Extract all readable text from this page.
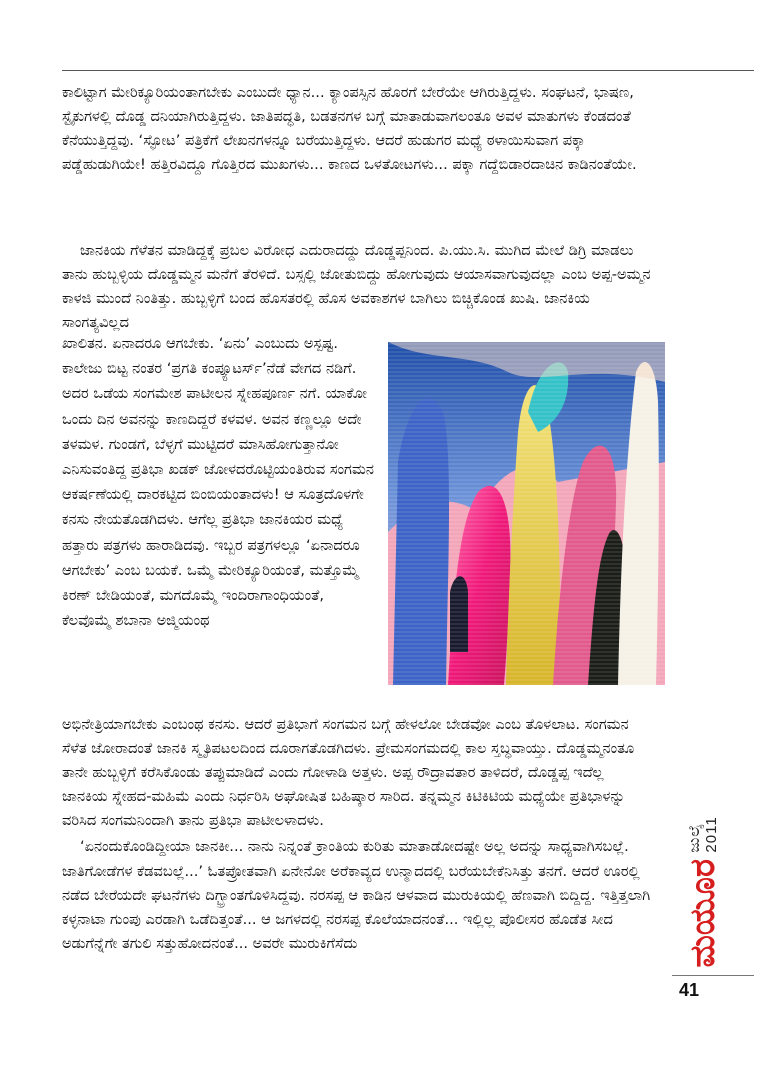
ಕಾಲಿಟ್ಟಾಗ ಮೇರಿಕ್ಯೂರಿಯಂತಾಗಬೇಕು ಎಂಬುದೇ ಧ್ಯಾನ... ಕ್ಯಾಂಪಸ್ಸಿನ ಹೊರಗೆ ಬೇರೆಯೇ ಆಗಿರುತ್ತಿದ್ದಳು. ಸಂಘಟನೆ, ಭಾಷಣ, ಸ್ಟೈಕುಗಳಲ್ಲಿ ದೊಡ್ಡ ದನಿಯಾಗಿರುತ್ತಿದ್ದಳು. ಜಾತಿಪದ್ಧತಿ, ಬಡತನಗಳ ಬಗ್ಗೆ ಮಾತಾಡುವಾಗಲಂತೂ ಅವಳ ಮಾತುಗಳು ಕೆಂಡದಂತೆ ಕೆನೆಯುತ್ತಿದ್ದವು. ‘ಸ್ಫೋಟ’ ಪತ್ರಿಕೆಗೆ ಲೇಖನಗಳನ್ನೂ ಬರೆಯುತ್ತಿದ್ದಳು. ಆದರೆ ಹುಡುಗರ ಮಧ್ಯೆ ಠಳಾಯಿಸುವಾಗ ಪಕ್ಕಾ ಪಡ್ಡೆಹುಡುಗಿಯೇ! ಹತ್ತಿರವಿದ್ದೂ ಗೊತ್ತಿರದ ಮುಖಗಳು... ಕಾಣದ ಒಳತೋಟಗಳು... ಪಕ್ಕಾ ಗದ್ದೆಬಿಡಾರದಾಚಿನ ಕಾಡಿನಂತೆಯೇ.

ಜಾನಕಿಯ ಗೆಳೆತನ ಮಾಡಿದ್ದಕ್ಕೆ ಪ್ರಬಲ ವಿರೋಧ ಎದುರಾದದ್ದು ದೊಡ್ಡಪ್ಪನಿಂದ. ಪಿ.ಯು.ಸಿ. ಮುಗಿದ ಮೇಲೆ ಡಿಗ್ರಿ ಮಾಡಲು ತಾನು ಹುಬ್ಬಳ್ಳಿಯ ದೊಡ್ಡಮ್ಮನ ಮನೆಗೆ ತೆರಳಿದೆ. ಬಸ್ಸಲ್ಲಿ ಜೋತುಬಿದ್ದು ಹೋಗುವುದು ಆಯಾಸವಾಗುವುದಲ್ಲಾ ಎಂಬ ಅಪ್ಪ-ಅಮ್ಮನ ಕಾಳಜಿ ಮುಂದೆ ನಿಂತಿತ್ತು. ಹುಬ್ಬಳ್ಳಿಗೆ ಬಂದ ಹೊಸತರಲ್ಲಿ ಹೊಸ ಅವಕಾಶಗಳ ಬಾಗಿಲು ಬಿಚ್ಚಿಕೊಂಡ ಖುಷಿ. ಜಾನಕಿಯ ಸಾಂಗತ್ಯವಿಲ್ಲದ

ಖಾಲಿತನ. ಏನಾದರೂ ಆಗಬೇಕು. ‘ಏನು’ ಎಂಬುದು ಅಸ್ಪಷ್ಟ. ಕಾಲೇಜು ಬಿಟ್ಟ ನಂತರ ‘ಪ್ರಗತಿ ಕಂಪ್ಯೂಟರ್ಸ್’ನೆಡೆ ವೇಗದ ನಡಿಗೆ. ಅದರ ಒಡೆಯ ಸಂಗಮೇಶ ಪಾಟೀಲನ ಸ್ನೇಹಪೂರ್ಣ ನಗೆ. ಯಾಕೋ ಒಂದು ದಿನ ಅವನನ್ನು ಕಾಣದಿದ್ದರೆ ಕಳವಳ. ಅವನ ಕಣ್ಣಲ್ಲೂ ಅದೇ ತಳಮಳ. ಗುಂಡಗೆ, ಬೆಳ್ಳಗೆ ಮುಟ್ಟಿದರೆ ಮಾಸಿಹೋಗುತ್ತಾನೋ ಎನಿಸುವಂತಿದ್ದ ಪ್ರತಿಭಾ ಖಡಕ್ ಜೋಳದರೊಟ್ಟಿಯಂತಿರುವ ಸಂಗಮನ ಆಕರ್ಷಣೆಯಲ್ಲಿ ದಾರಕಟ್ಟಿದ ಬಿಂಬಿಯಂತಾದಳು! ಆ ಸೂತ್ರದೊಳಗೇ ಕನಸು ನೇಯತೊಡಗಿದಳು. ಆಗೆಲ್ಲ ಪ್ರತಿಭಾ ಜಾನಕಿಯರ ಮಧ್ಯೆ ಹತ್ತಾರು ಪತ್ರಗಳು ಹಾರಾಡಿದವು. ಇಬ್ಬರ ಪತ್ರಗಳಲ್ಲೂ ‘ಏನಾದರೂ ಆಗಬೇಕು’ ಎಂಬ ಬಯಕೆ. ಒಮ್ಮೆ ಮೇರಿಕ್ಯೂರಿಯಂತೆ, ಮತ್ತೊಮ್ಮೆ ಕಿರಣ್ ಬೇಡಿಯಂತೆ, ಮಗದೊಮ್ಮೆ ಇಂದಿರಾಗಾಂಧಿಯಂತೆ, ಕೆಲವೊಮ್ಮೆ ಶಬಾನಾ ಅಜ್ಮಿಯಂಥ

ಅಭಿನೇತ್ರಿಯಾಗಬೇಕು ಎಂಬಂಥ ಕನಸು. ಆದರೆ ಪ್ರತಿಭಾಗೆ ಸಂಗಮನ ಬಗ್ಗೆ ಹೇಳಲೋ ಬೇಡವೋ ಎಂಬ ತೊಳಲಾಟ. ಸಂಗಮನ ಸೆಳೆತ ಜೋರಾದಂತೆ ಜಾನಕಿ ಸ್ಮೃತಿಪಟಲದಿಂದ ದೂರಾಗತೊಡಗಿದಳು. ಪ್ರೇಮಸಂಗಮದಲ್ಲಿ ಕಾಲ ಸ್ತಬ್ಧವಾಯ್ತು. ದೊಡ್ಡಮ್ಮನಂತೂ ತಾನೇ ಹುಬ್ಬಳ್ಳಿಗೆ ಕರೆಸಿಕೊಂಡು ತಪ್ಪುಮಾಡಿದೆ ಎಂದು ಗೋಳಾಡಿ ಅತ್ತಳು. ಅಪ್ಪ ರೌದ್ರಾವತಾರ ತಾಳಿದರೆ, ದೊಡ್ಡಪ್ಪ ಇದೆಲ್ಲ ಜಾನಕಿಯ ಸ್ನೇಹದ-ಮಹಿಮೆ ಎಂದು ನಿರ್ಧರಿಸಿ ಅಘೋಷಿತ ಬಹಿಷ್ಕಾರ ಸಾರಿದ. ತನ್ನಮ್ಮನ ಕಿಟಿಕಿಟಿಯ ಮಧ್ಯೆಯೇ ಪ್ರತಿಭಾಳನ್ನು ವರಿಸಿದ ಸಂಗಮನಿಂದಾಗಿ ತಾನು ಪ್ರತಿಭಾ ಪಾಟೀಲಳಾದಳು.

‘ಏನಂದುಕೊಂಡಿದ್ದೀಯಾ ಜಾನಕೀ... ನಾನು ನಿನ್ನಂತೆ ಕ್ರಾಂತಿಯ ಕುರಿತು ಮಾತಾಡೋದಷ್ಟೇ ಅಲ್ಲ ಅದನ್ನು ಸಾಧ್ಯವಾಗಿಸಬಲ್ಲೆ. ಜಾತಿಗೋಡೆಗಳ ಕೆಡವಬಲ್ಲೆ...’ ಓತಪ್ರೋತವಾಗಿ ಏನೇನೋ ಅರೆಕಾವ್ಯದ ಉನ್ಮಾದದಲ್ಲಿ ಬರೆಯಬೇಕೆನಿಸಿತ್ತು ತನಗೆ. ಆದರೆ ಊರಲ್ಲಿ ನಡೆದ ಬೇರೆಯದೇ ಘಟನೆಗಳು ದಿಗ್ಭ್ರಾಂತಗೊಳಿಸಿದ್ದವು. ನರಸಪ್ಪ ಆ ಕಾಡಿನ ಆಳವಾದ ಮುರುಕಿಯಲ್ಲಿ ಹೆಣವಾಗಿ ಬಿದ್ದಿದ್ದ. ಇತ್ತಿತ್ತಲಾಗಿ ಕಳ್ಳನಾಟಾ ಗುಂಪು ಎರಡಾಗಿ ಒಡೆದಿತ್ತಂತೆ... ಆ ಜಗಳದಲ್ಲಿ ನರಸಪ್ಪ ಕೊಲೆಯಾದನಂತೆ... ಇಲ್ಲಿಲ್ಲ ಪೊಲೀಸರ ಹೊಡೆತ ಸೀದ ಅಡುಗೆನ್ನೆಗೇ ತಗುಲಿ ಸತ್ತುಹೋದನಂತೆ... ಅವರೇ ಮುರುಕಿಗೆಸೆದು

ಜುಲೈ 2011
ಮಯೂರ
41
